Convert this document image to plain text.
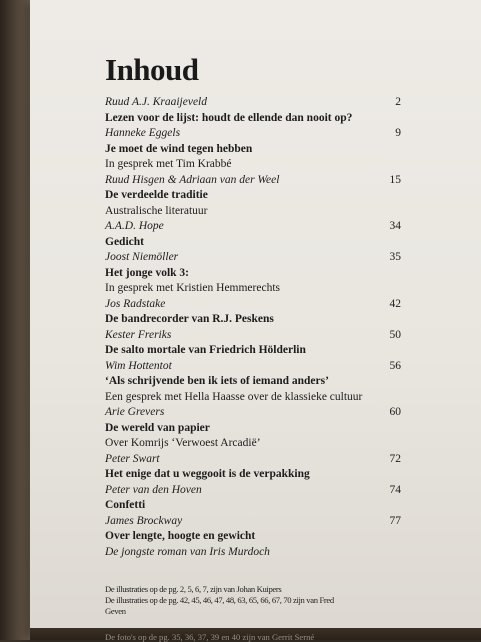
Inhoud
Ruud A.J. Kraaijeveld	2
Lezen voor de lijst: houdt de ellende dan nooit op?
Hanneke Eggels	9
Je moet de wind tegen hebben
In gesprek met Tim Krabbé
Ruud Hisgen & Adriaan van der Weel	15
De verdeelde traditie
Australische literatuur
A.A.D. Hope	34
Gedicht
Joost Niemöller	35
Het jonge volk 3:
In gesprek met Kristien Hemmerechts
Jos Radstake	42
De bandrecorder van R.J. Peskens
Kester Freriks	50
De salto mortale van Friedrich Hölderlin
Wim Hottentot	56
‘Als schrijvende ben ik iets of iemand anders’
Een gesprek met Hella Haasse over de klassieke cultuur
Arie Grevers	60
De wereld van papier
Over Komrijs ‘Verwoest Arcadië’
Peter Swart	72
Het enige dat u weggooit is de verpakking
Peter van den Hoven	74
Confetti
James Brockway	77
Over lengte, hoogte en gewicht
De jongste roman van Iris Murdoch
De illustraties op de pg. 2, 5, 6, 7, zijn van Johan Kuipers
De illustraties op de pg. 42, 45, 46, 47, 48, 63, 65, 66, 67, 70 zijn van Fred
Geven
De foto's op de pg. 35, 36, 37, 39 en 40 zijn van Gerrit Serné
